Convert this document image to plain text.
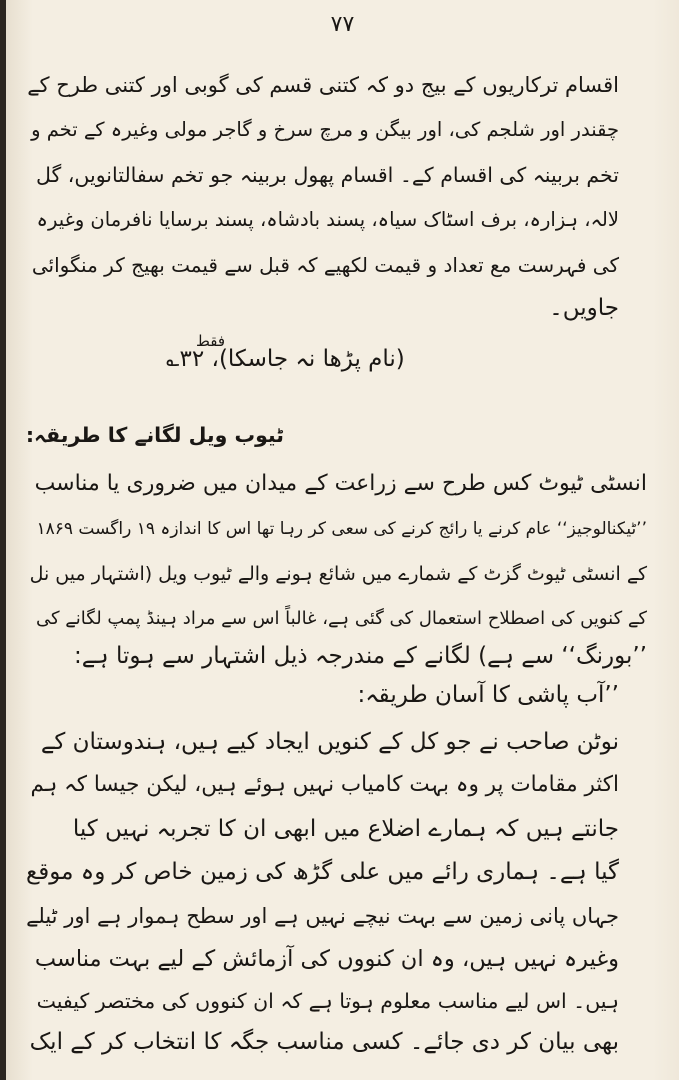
۷۷

اقسام ترکاریوں کے بیج دو کہ کتنی قسم کی گوبی اور کتنی طرح کے

چقندر اور شلجم کی، اور بیگن و مرچ سرخ و گاجر مولی وغیرہ کے تخم و

تخم بربینہ کی اقسام کے۔ اقسام پھول بربینہ جو تخم سفالتانویں، گل

لالہ، ہزارہ، برف اسٹاک سیاہ، پسند بادشاہ، پسند برسایا نافرمان وغیرہ

کی فہرست مع تعداد و قیمت لکھیے کہ قبل سے قیمت بھیج کر منگوائی

جاویں۔

فقط

(نام پڑھا نہ جاسکا)، ۳۲؎

ٹیوب ویل لگانے کا طریقہ:

انسٹی ٹیوٹ کس طرح سے زراعت کے میدان میں ضروری یا مناسب

’’ٹیکنالوجیز‘‘ عام کرنے یا رائج کرنے کی سعی کر رہا تھا اس کا اندازہ ۱۹ راگست ۱۸۶۹

کے انسٹی ٹیوٹ گزٹ کے شمارے میں شائع ہونے والے ٹیوب ویل (اشتہار میں نل

کے کنویں کی اصطلاح استعمال کی گئی ہے، غالباً اس سے مراد ہینڈ پمپ لگانے کی

’’بورنگ‘‘ سے ہے) لگانے کے مندرجہ ذیل اشتہار سے ہوتا ہے:

’’آب پاشی کا آسان طریقہ:

نوٹن صاحب نے جو کل کے کنویں ایجاد کیے ہیں، ہندوستان کے

اکثر مقامات پر وہ بہت کامیاب نہیں ہوئے ہیں، لیکن جیسا کہ ہم

جانتے ہیں کہ ہمارے اضلاع میں ابھی ان کا تجربہ نہیں کیا

گیا ہے۔ ہماری رائے میں علی گڑھ کی زمین خاص کر وہ موقع

جہاں پانی زمین سے بہت نیچے نہیں ہے اور سطح ہموار ہے اور ٹیلے

وغیرہ نہیں ہیں، وہ ان کنووں کی آزمائش کے لیے بہت مناسب

ہیں۔ اس لیے مناسب معلوم ہوتا ہے کہ ان کنووں کی مختصر کیفیت

بھی بیان کر دی جائے۔ کسی مناسب جگہ کا انتخاب کر کے ایک
